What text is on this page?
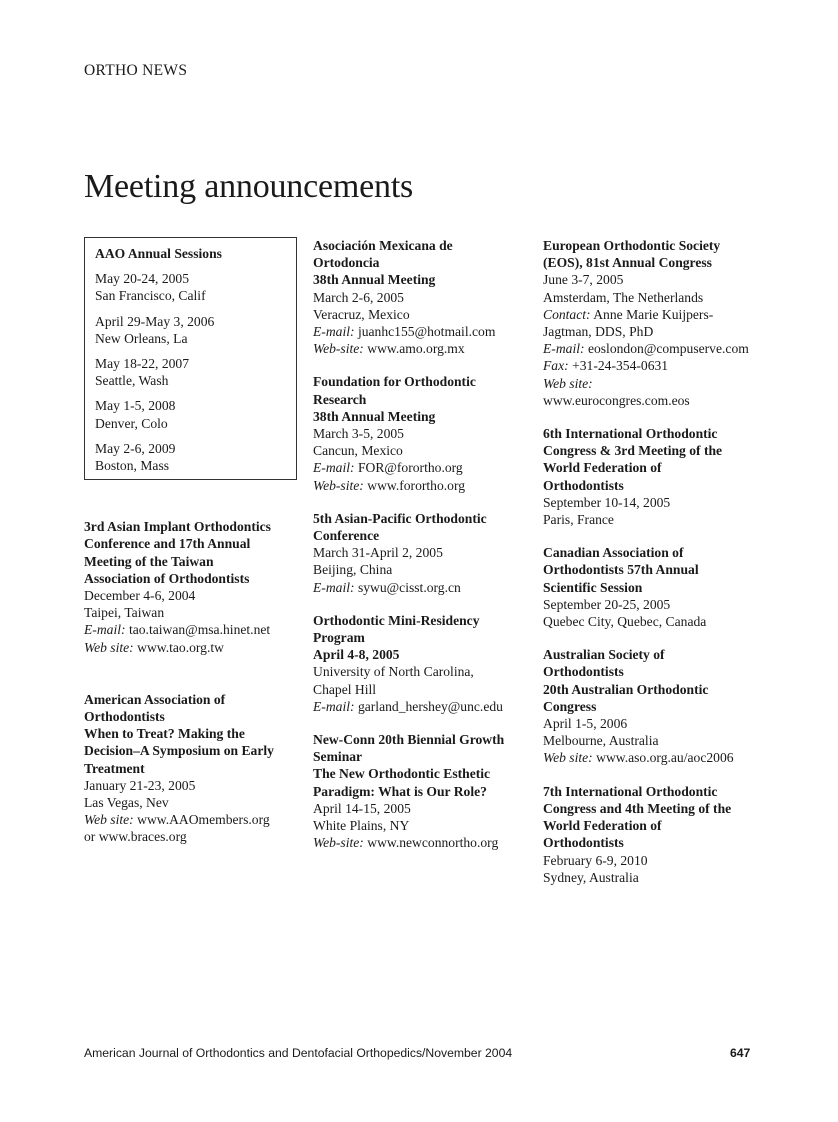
ORTHO NEWS
Meeting announcements
AAO Annual Sessions
May 20-24, 2005
San Francisco, Calif
April 29-May 3, 2006
New Orleans, La
May 18-22, 2007
Seattle, Wash
May 1-5, 2008
Denver, Colo
May 2-6, 2009
Boston, Mass
3rd Asian Implant Orthodontics
Conference and 17th Annual
Meeting of the Taiwan
Association of Orthodontists
December 4-6, 2004
Taipei, Taiwan
E-mail: tao.taiwan@msa.hinet.net
Web site: www.tao.org.tw
American Association of
Orthodontists
When to Treat? Making the
Decision–A Symposium on Early
Treatment
January 21-23, 2005
Las Vegas, Nev
Web site: www.AAOmembers.org
or www.braces.org
Asociación Mexicana de
Ortodoncia
38th Annual Meeting
March 2-6, 2005
Veracruz, Mexico
E-mail: juanhc155@hotmail.com
Web-site: www.amo.org.mx
Foundation for Orthodontic
Research
38th Annual Meeting
March 3-5, 2005
Cancun, Mexico
E-mail: FOR@forortho.org
Web-site: www.forortho.org
5th Asian-Pacific Orthodontic
Conference
March 31-April 2, 2005
Beijing, China
E-mail: sywu@cisst.org.cn
Orthodontic Mini-Residency
Program
April 4-8, 2005
University of North Carolina,
Chapel Hill
E-mail: garland_hershey@unc.edu
New-Conn 20th Biennial Growth
Seminar
The New Orthodontic Esthetic
Paradigm: What is Our Role?
April 14-15, 2005
White Plains, NY
Web-site: www.newconnortho.org
European Orthodontic Society
(EOS), 81st Annual Congress
June 3-7, 2005
Amsterdam, The Netherlands
Contact: Anne Marie Kuijpers-
Jagtman, DDS, PhD
E-mail: eoslondon@compuserve.com
Fax: +31-24-354-0631
Web site:
www.eurocongres.com.eos
6th International Orthodontic
Congress & 3rd Meeting of the
World Federation of
Orthodontists
September 10-14, 2005
Paris, France
Canadian Association of
Orthodontists 57th Annual
Scientific Session
September 20-25, 2005
Quebec City, Quebec, Canada
Australian Society of
Orthodontists
20th Australian Orthodontic
Congress
April 1-5, 2006
Melbourne, Australia
Web site: www.aso.org.au/aoc2006
7th International Orthodontic
Congress and 4th Meeting of the
World Federation of
Orthodontists
February 6-9, 2010
Sydney, Australia
American Journal of Orthodontics and Dentofacial Orthopedics/November 2004	647
